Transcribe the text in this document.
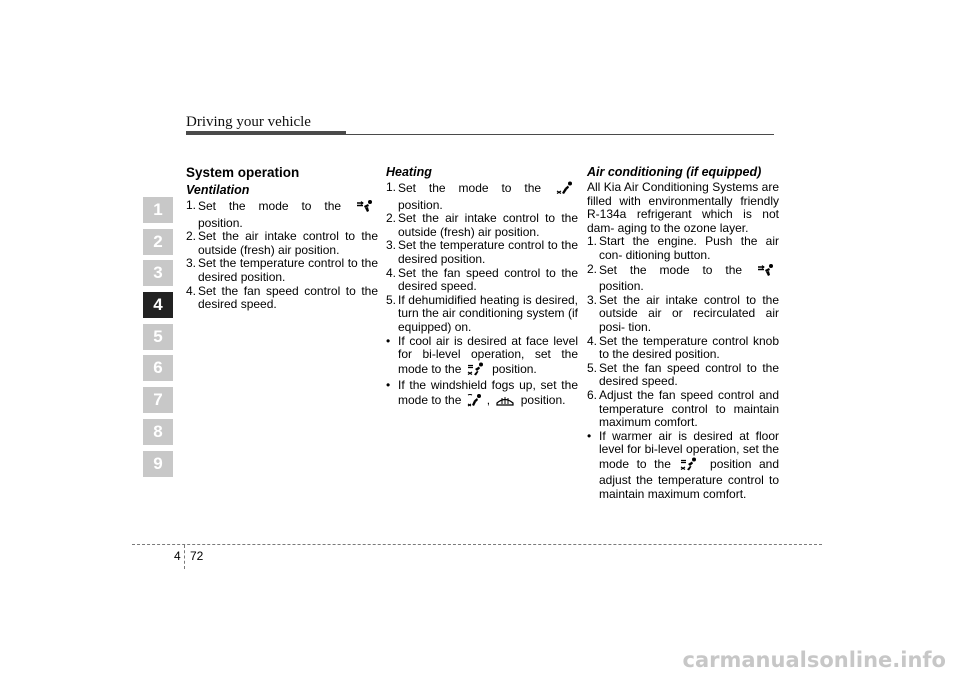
Driving your vehicle
1
2
3
4
5
6
7
8
9
System operation
Ventilation
1. Set the mode to the  position.
2. Set the air intake control to the outside (fresh) air position.
3. Set the temperature control to the desired position.
4. Set the fan speed control to the desired speed.
Heating
1. Set the mode to the  position.
2. Set the air intake control to the outside (fresh) air position.
3. Set the temperature control to the desired position.
4. Set the fan speed control to the desired speed.
5. If dehumidified heating is desired, turn the air conditioning system (if equipped) on.
• If cool air is desired at face level for bi-level operation, set the mode to the	position.
• If the windshield fogs up, set the mode to the ,	position.
Air conditioning (if equipped)

All Kia Air Conditioning Systems are filled with environmentally friendly R-134a refrigerant which is not dam- aging to the ozone layer.

1. Start the engine. Push the air con- ditioning button.
2. Set the mode to the  position.
3. Set the air intake control to the outside air or recirculated air posi- tion.
4. Set the temperature control knob to the desired position.
5. Set the fan speed control to the desired speed.
6. Adjust the fan speed control and temperature control to maintain maximum comfort.
• If warmer air is desired at floor level for bi-level operation, set the mode to the	position and adjust the temperature control to maintain maximum comfort.
4 72
carmanualsonline.info
